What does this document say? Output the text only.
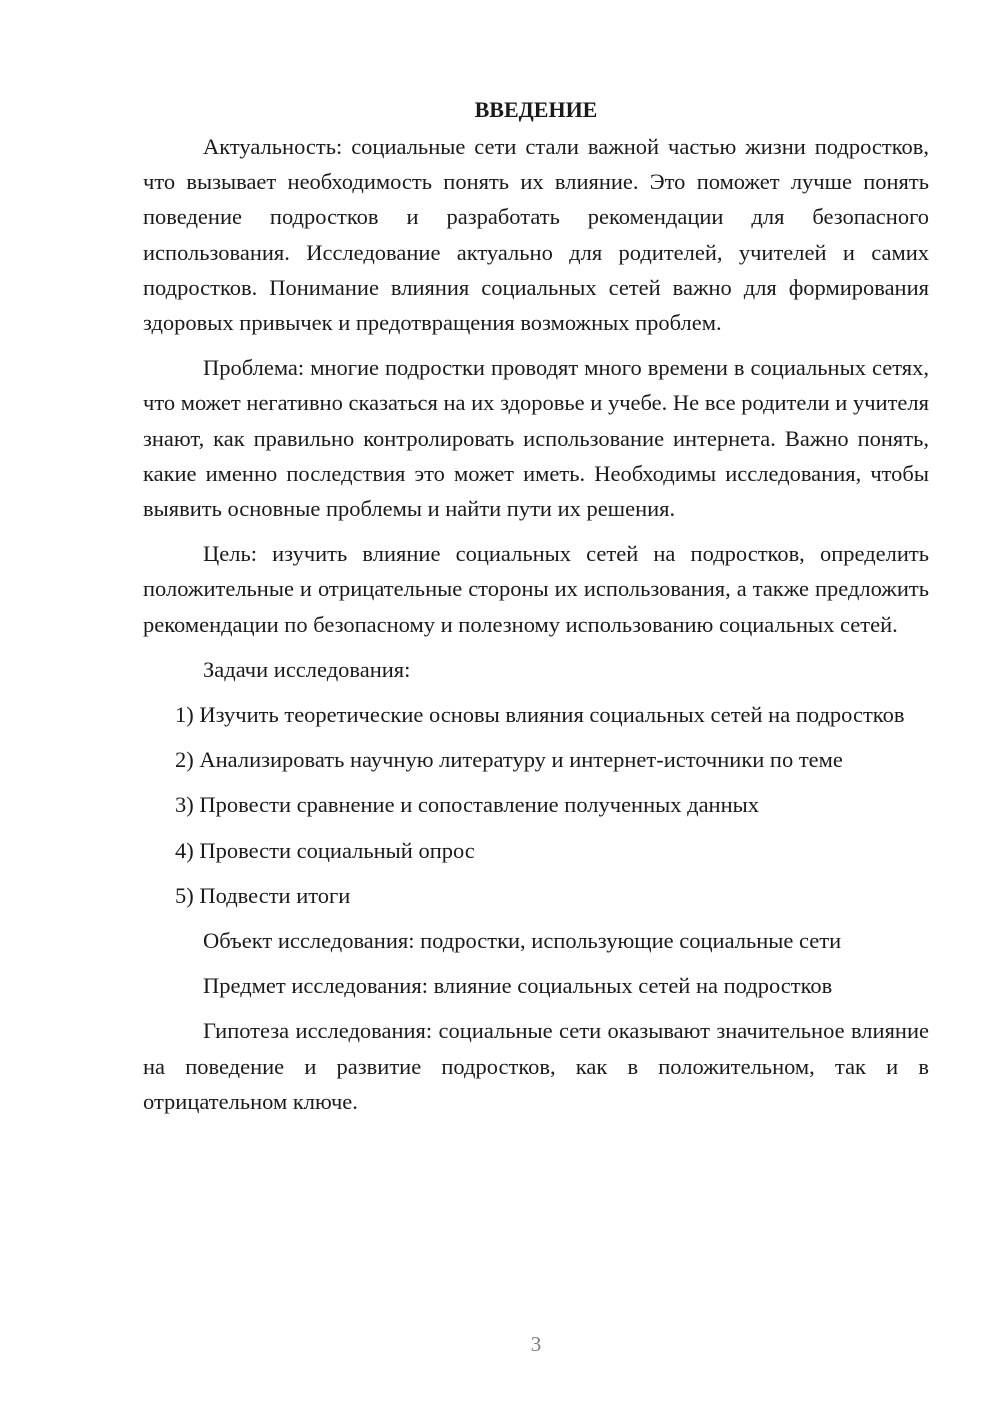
ВВЕДЕНИЕ

Актуальность: социальные сети стали важной частью жизни подростков, что вызывает необходимость понять их влияние. Это поможет лучше понять поведение подростков и разработать рекомендации для безопасного использования. Исследование актуально для родителей, учителей и самих подростков. Понимание влияния социальных сетей важно для формирования здоровых привычек и предотвращения возможных проблем.

Проблема: многие подростки проводят много времени в социальных сетях, что может негативно сказаться на их здоровье и учебе. Не все родители и учителя знают, как правильно контролировать использование интернета. Важно понять, какие именно последствия это может иметь. Необходимы исследования, чтобы выявить основные проблемы и найти пути их решения.

Цель: изучить влияние социальных сетей на подростков, определить положительные и отрицательные стороны их использования, а также предложить рекомендации по безопасному и полезному использованию социальных сетей.

Задачи исследования:

1) Изучить теоретические основы влияния социальных сетей на подростков

2) Анализировать научную литературу и интернет-источники по теме

3) Провести сравнение и сопоставление полученных данных

4) Провести социальный опрос

5) Подвести итоги

Объект исследования: подростки, использующие социальные сети

Предмет исследования: влияние социальных сетей на подростков

Гипотеза исследования: социальные сети оказывают значительное влияние на поведение и развитие подростков, как в положительном, так и в отрицательном ключе.

3
